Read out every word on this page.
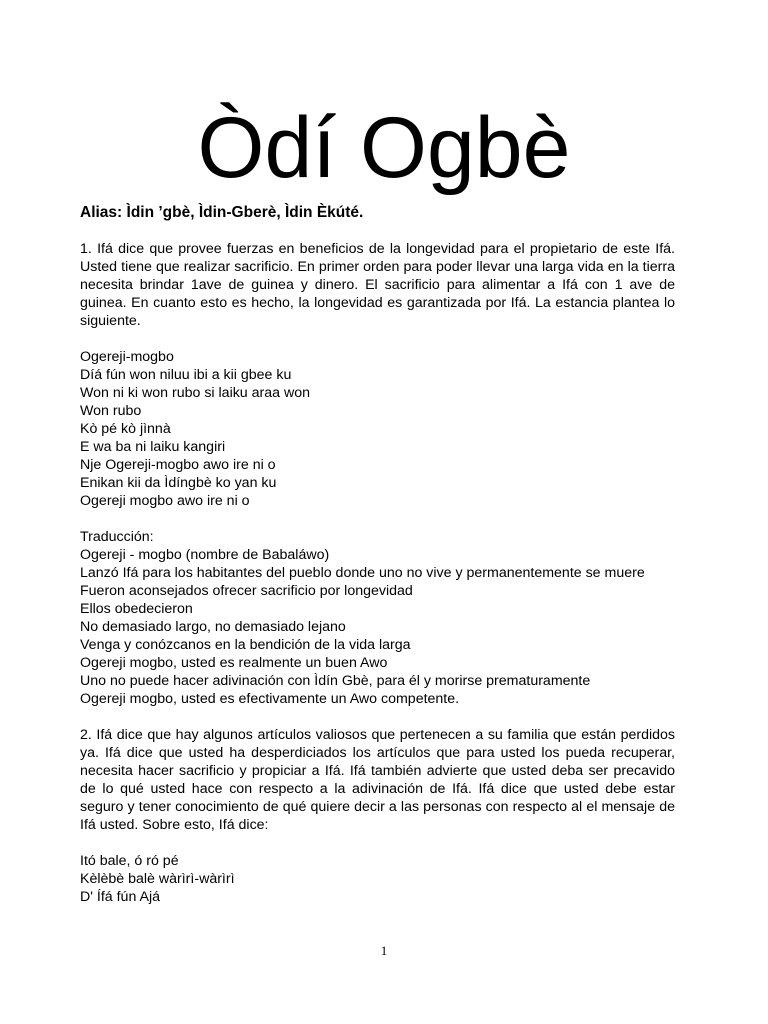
Òdí Ogbè

Alias: Ìdin ’gbè, Ìdin-Gberè, Ìdin Èkúté.

1. Ifá dice que provee fuerzas en beneficios de la longevidad para el propietario de este Ifá. Usted tiene que realizar sacrificio. En primer orden para poder llevar una larga vida en la tierra necesita brindar 1ave de guinea y dinero. El sacrificio para alimentar a Ifá con 1 ave de guinea. En cuanto esto es hecho, la longevidad es garantizada por Ifá. La estancia plantea lo siguiente.

Ogereji-mogbo
Díá fún won niluu ibi a kii gbee ku
Won ni ki won rubo si laiku araa won
Won rubo
Kò pé kò jìnnà
E wa ba ni laiku kangiri
Nje Ogereji-mogbo awo ire ni o
Enikan kii da Ìdíngbè ko yan ku
Ogereji mogbo awo ire ni o
Traducción:
Ogereji - mogbo (nombre de Babaláwo)

Lanzó Ifá para los habitantes del pueblo donde uno no vive y permanentemente se muere

Fueron aconsejados ofrecer sacrificio por longevidad
Ellos obedecieron
No demasiado largo, no demasiado lejano
Venga y conózcanos en la bendición de la vida larga
Ogereji mogbo, usted es realmente un buen Awo
Uno no puede hacer adivinación con Ìdín Gbè, para él y morirse prematuramente
Ogereji mogbo, usted es efectivamente un Awo competente.

2. Ifá dice que hay algunos artículos valiosos que pertenecen a su familia que están perdidos ya. Ifá dice que usted ha desperdiciados los artículos que para usted los pueda recuperar, necesita hacer sacrificio y propiciar a Ifá. Ifá también advierte que usted deba ser precavido de lo qué usted hace con respecto a la adivinación de Ifá. Ifá dice que usted debe estar seguro y tener conocimiento de qué quiere decir a las personas con respecto al el mensaje de Ifá usted. Sobre esto, Ifá dice:

Itó bale, ó ró pé
Kèlèbè balè wàrìrì-wàrìrì
D' Ífá fún Ajá
1
